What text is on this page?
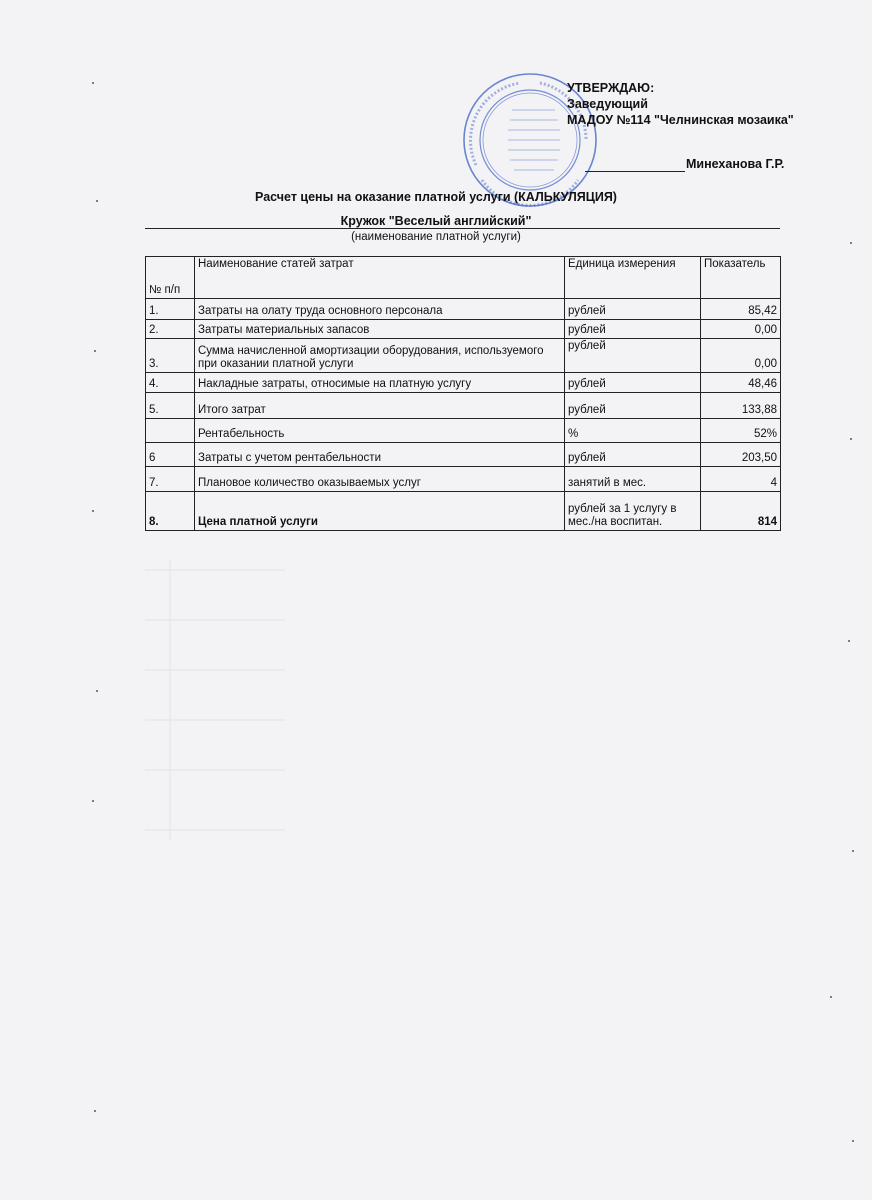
УТВЕРЖДАЮ:
Заведующий
МАДОУ №114 "Челнинская мозаика"
Минеханова Г.Р.
Расчет цены на оказание платной услуги (КАЛЬКУЛЯЦИЯ)
Кружок "Веселый английский"
(наименование платной услуги)
№ п/п	Наименование статей затрат	Единица измерения	Показатель
1.	Затраты на олату труда основного персонала	рублей	85,42
2.	Затраты материальных запасов	рублей	0,00
3.	Сумма начисленной амортизации оборудования, используемого при оказании платной услуги	рублей	0,00
4.	Накладные затраты, относимые на платную услугу	рублей	48,46
5.	Итого затрат	рублей	133,88
	Рентабельность	%	52%
6	Затраты с учетом рентабельности	рублей	203,50
7.	Плановое количество оказываемых услуг	занятий в мес.	4
8.	Цена платной услуги	рублей за 1 услугу в мес./на воспитан.	814
